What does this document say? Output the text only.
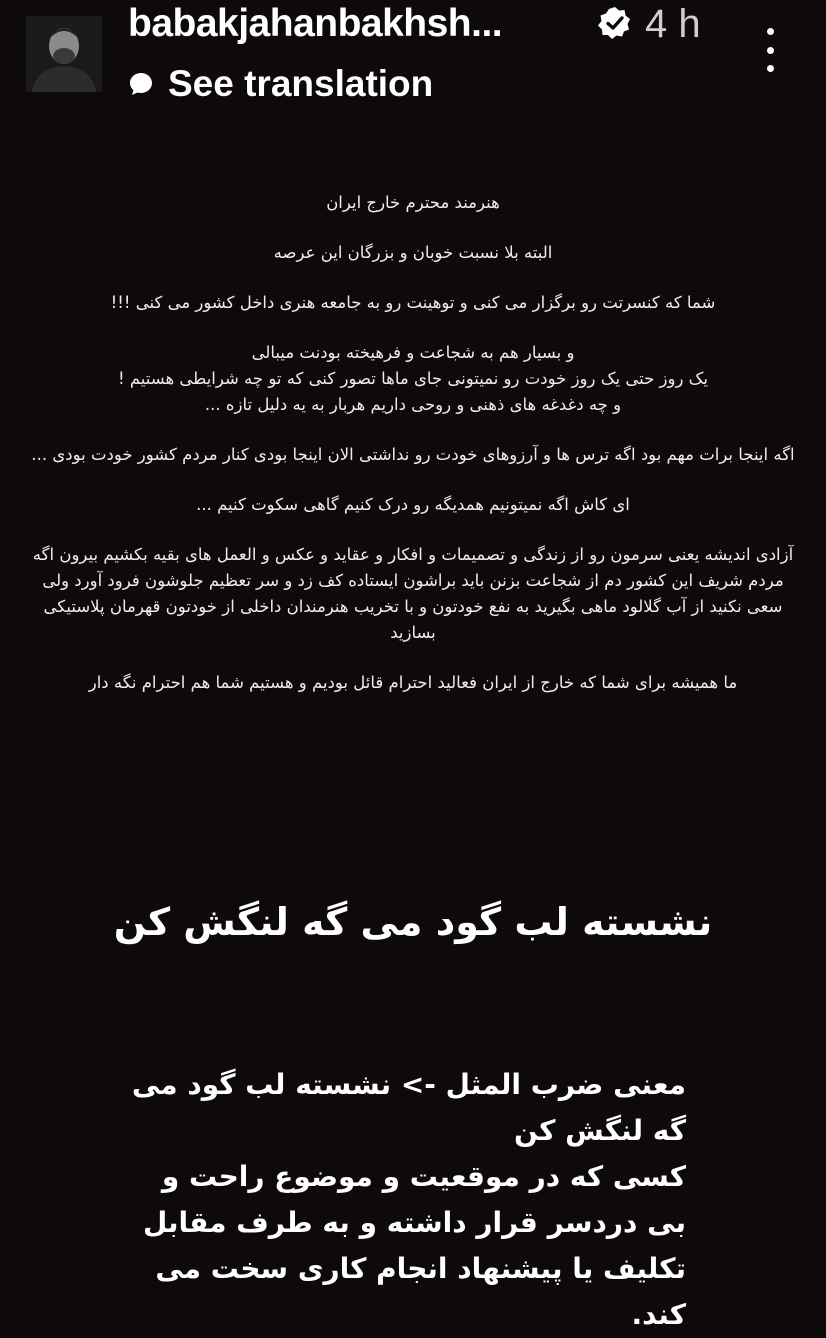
babakjahanbakhsh...	4 h
See translation

هنرمند محترم خارج ایران

البته بلا نسبت خوبان و بزرگان این عرصه

شما که کنسرتت رو برگزار می کنی و توهینت رو به جامعه هنری داخل کشور می کنی !!!

و بسیار هم به شجاعت و فرهیخته بودنت میبالی
یک روز حتی یک روز خودت رو نمیتونی جای ماها تصور کنی که تو چه شرایطی هستیم !
و چه دغدغه های ذهنی و روحی داریم هربار به یه دلیل تازه ...

اگه اینجا برات مهم بود اگه ترس ها و آرزوهای خودت رو نداشتی الان اینجا بودی کنار مردم کشور خودت بودی ...

ای کاش اگه نمیتونیم همدیگه رو درک کنیم گاهی سکوت کنیم ...

آزادی اندیشه یعنی سرمون رو از زندگی و تصمیمات و افکار و عقاید و عکس و العمل های بقیه بکشیم بیرون اگه مردم شریف این کشور دم از شجاعت بزنن باید براشون ایستاده کف زد و سر تعظیم جلوشون فرود آورد ولی سعی نکنید از آب گلالود ماهی بگیرید به نفع خودتون و با تخریب هنرمندان داخلی از خودتون قهرمان پلاستیکی بسازید

ما همیشه برای شما که خارج از ایران فعالید احترام قائل بودیم و هستیم شما هم احترام نگه دار

نشسته لب گود می گه لنگش کن
معنی ضرب المثل -> نشسته لب گود می گه لنگش کن
کسی که در موقعیت و موضوع راحت و بی دردسر قرار داشته و به طرف مقابل تکلیف یا پیشنهاد انجام کاری سخت می کند.
